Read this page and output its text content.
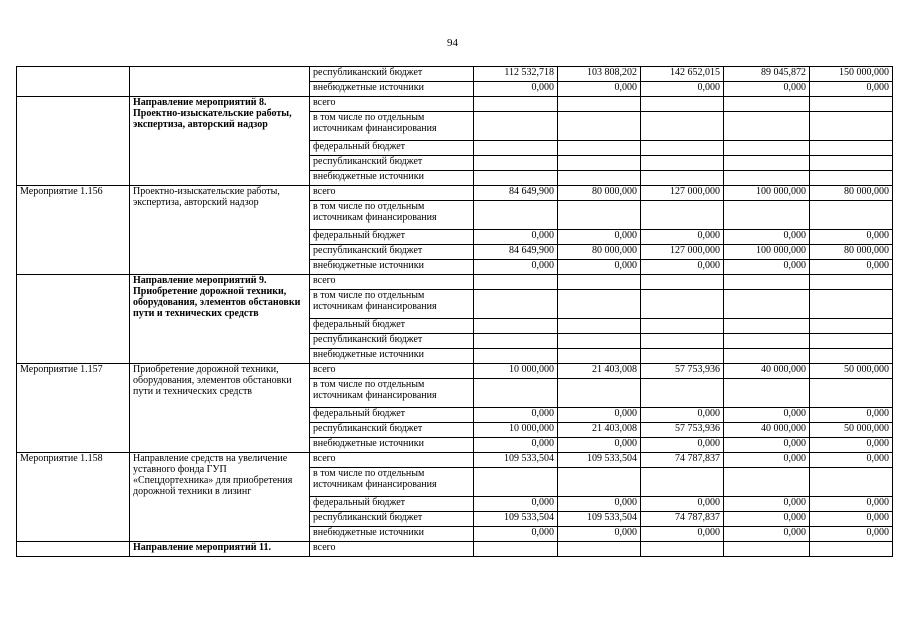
94
		республиканский бюджет	112 532,718	103 808,202	142 652,015	89 045,872	150 000,000
		внебюджетные источники	0,000	0,000	0,000	0,000	0,000
	Направление мероприятий 8. Проектно-изыскательские работы, экспертиза, авторский надзор	всего					
		в том числе по отдельным источникам финансирования					
		федеральный бюджет					
		республиканский бюджет					
		внебюджетные источники					
Мероприятие 1.156	Проектно-изыскательские работы, экспертиза, авторский надзор	всего	84 649,900	80 000,000	127 000,000	100 000,000	80 000,000
		в том числе по отдельным источникам финансирования					
		федеральный бюджет	0,000	0,000	0,000	0,000	0,000
		республиканский бюджет	84 649,900	80 000,000	127 000,000	100 000,000	80 000,000
		внебюджетные источники	0,000	0,000	0,000	0,000	0,000
	Направление мероприятий 9. Приобретение дорожной техники, оборудования, элементов обстановки пути и технических средств	всего					
		в том числе по отдельным источникам финансирования					
		федеральный бюджет					
		республиканский бюджет					
		внебюджетные источники					
Мероприятие 1.157	Приобретение дорожной техники, оборудования, элементов обстановки пути и технических средств	всего	10 000,000	21 403,008	57 753,936	40 000,000	50 000,000
		в том числе по отдельным источникам финансирования					
		федеральный бюджет	0,000	0,000	0,000	0,000	0,000
		республиканский бюджет	10 000,000	21 403,008	57 753,936	40 000,000	50 000,000
		внебюджетные источники	0,000	0,000	0,000	0,000	0,000
Мероприятие 1.158	Направление средств на увеличение уставного фонда ГУП «Спецдортехника» для приобретения дорожной техники в лизинг	всего	109 533,504	109 533,504	74 787,837	0,000	0,000
		в том числе по отдельным источникам финансирования					
		федеральный бюджет	0,000	0,000	0,000	0,000	0,000
		республиканский бюджет	109 533,504	109 533,504	74 787,837	0,000	0,000
		внебюджетные источники	0,000	0,000	0,000	0,000	0,000
	Направление мероприятий 11.	всего					
